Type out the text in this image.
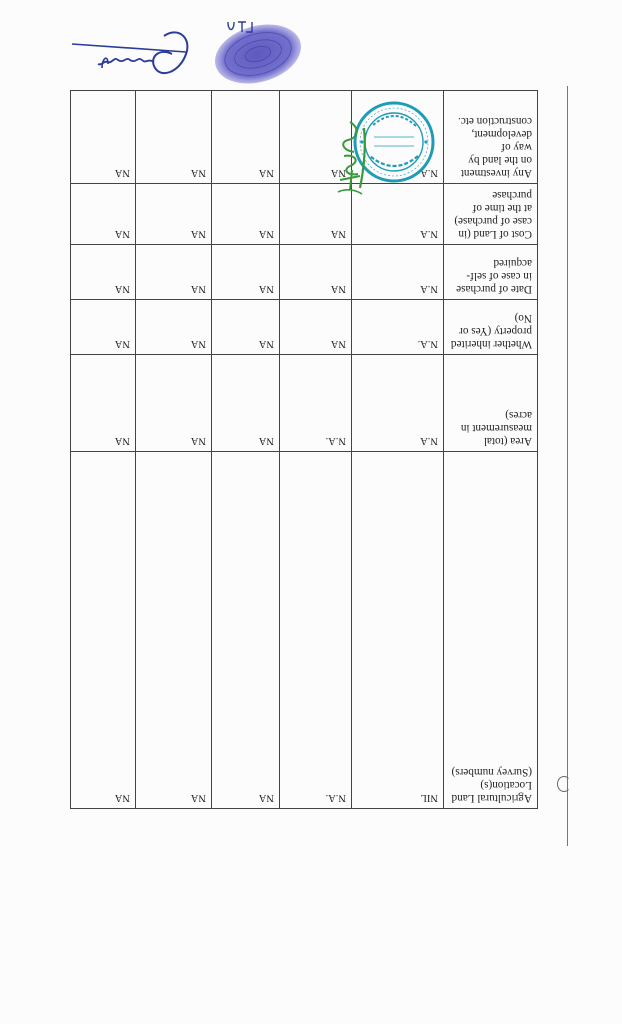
Agricultural Land Location(s) (Survey numbers)	NIL	N.A.	NA	NA	NA
Area (total measurement in acres)	N.A	N.A.	NA	NA	NA
Whether inherited property (Yes or No)	N.A.	NA	NA	NA	NA
Date of purchase in case of self-acquired	N.A	NA	NA	NA	NA
Cost of Land (in case of purchase) at the time of purchase	N.A	NA	NA	NA	NA
Any investment on the land by way of development, construction etc.	N.A	NA	NA	NA	NA
